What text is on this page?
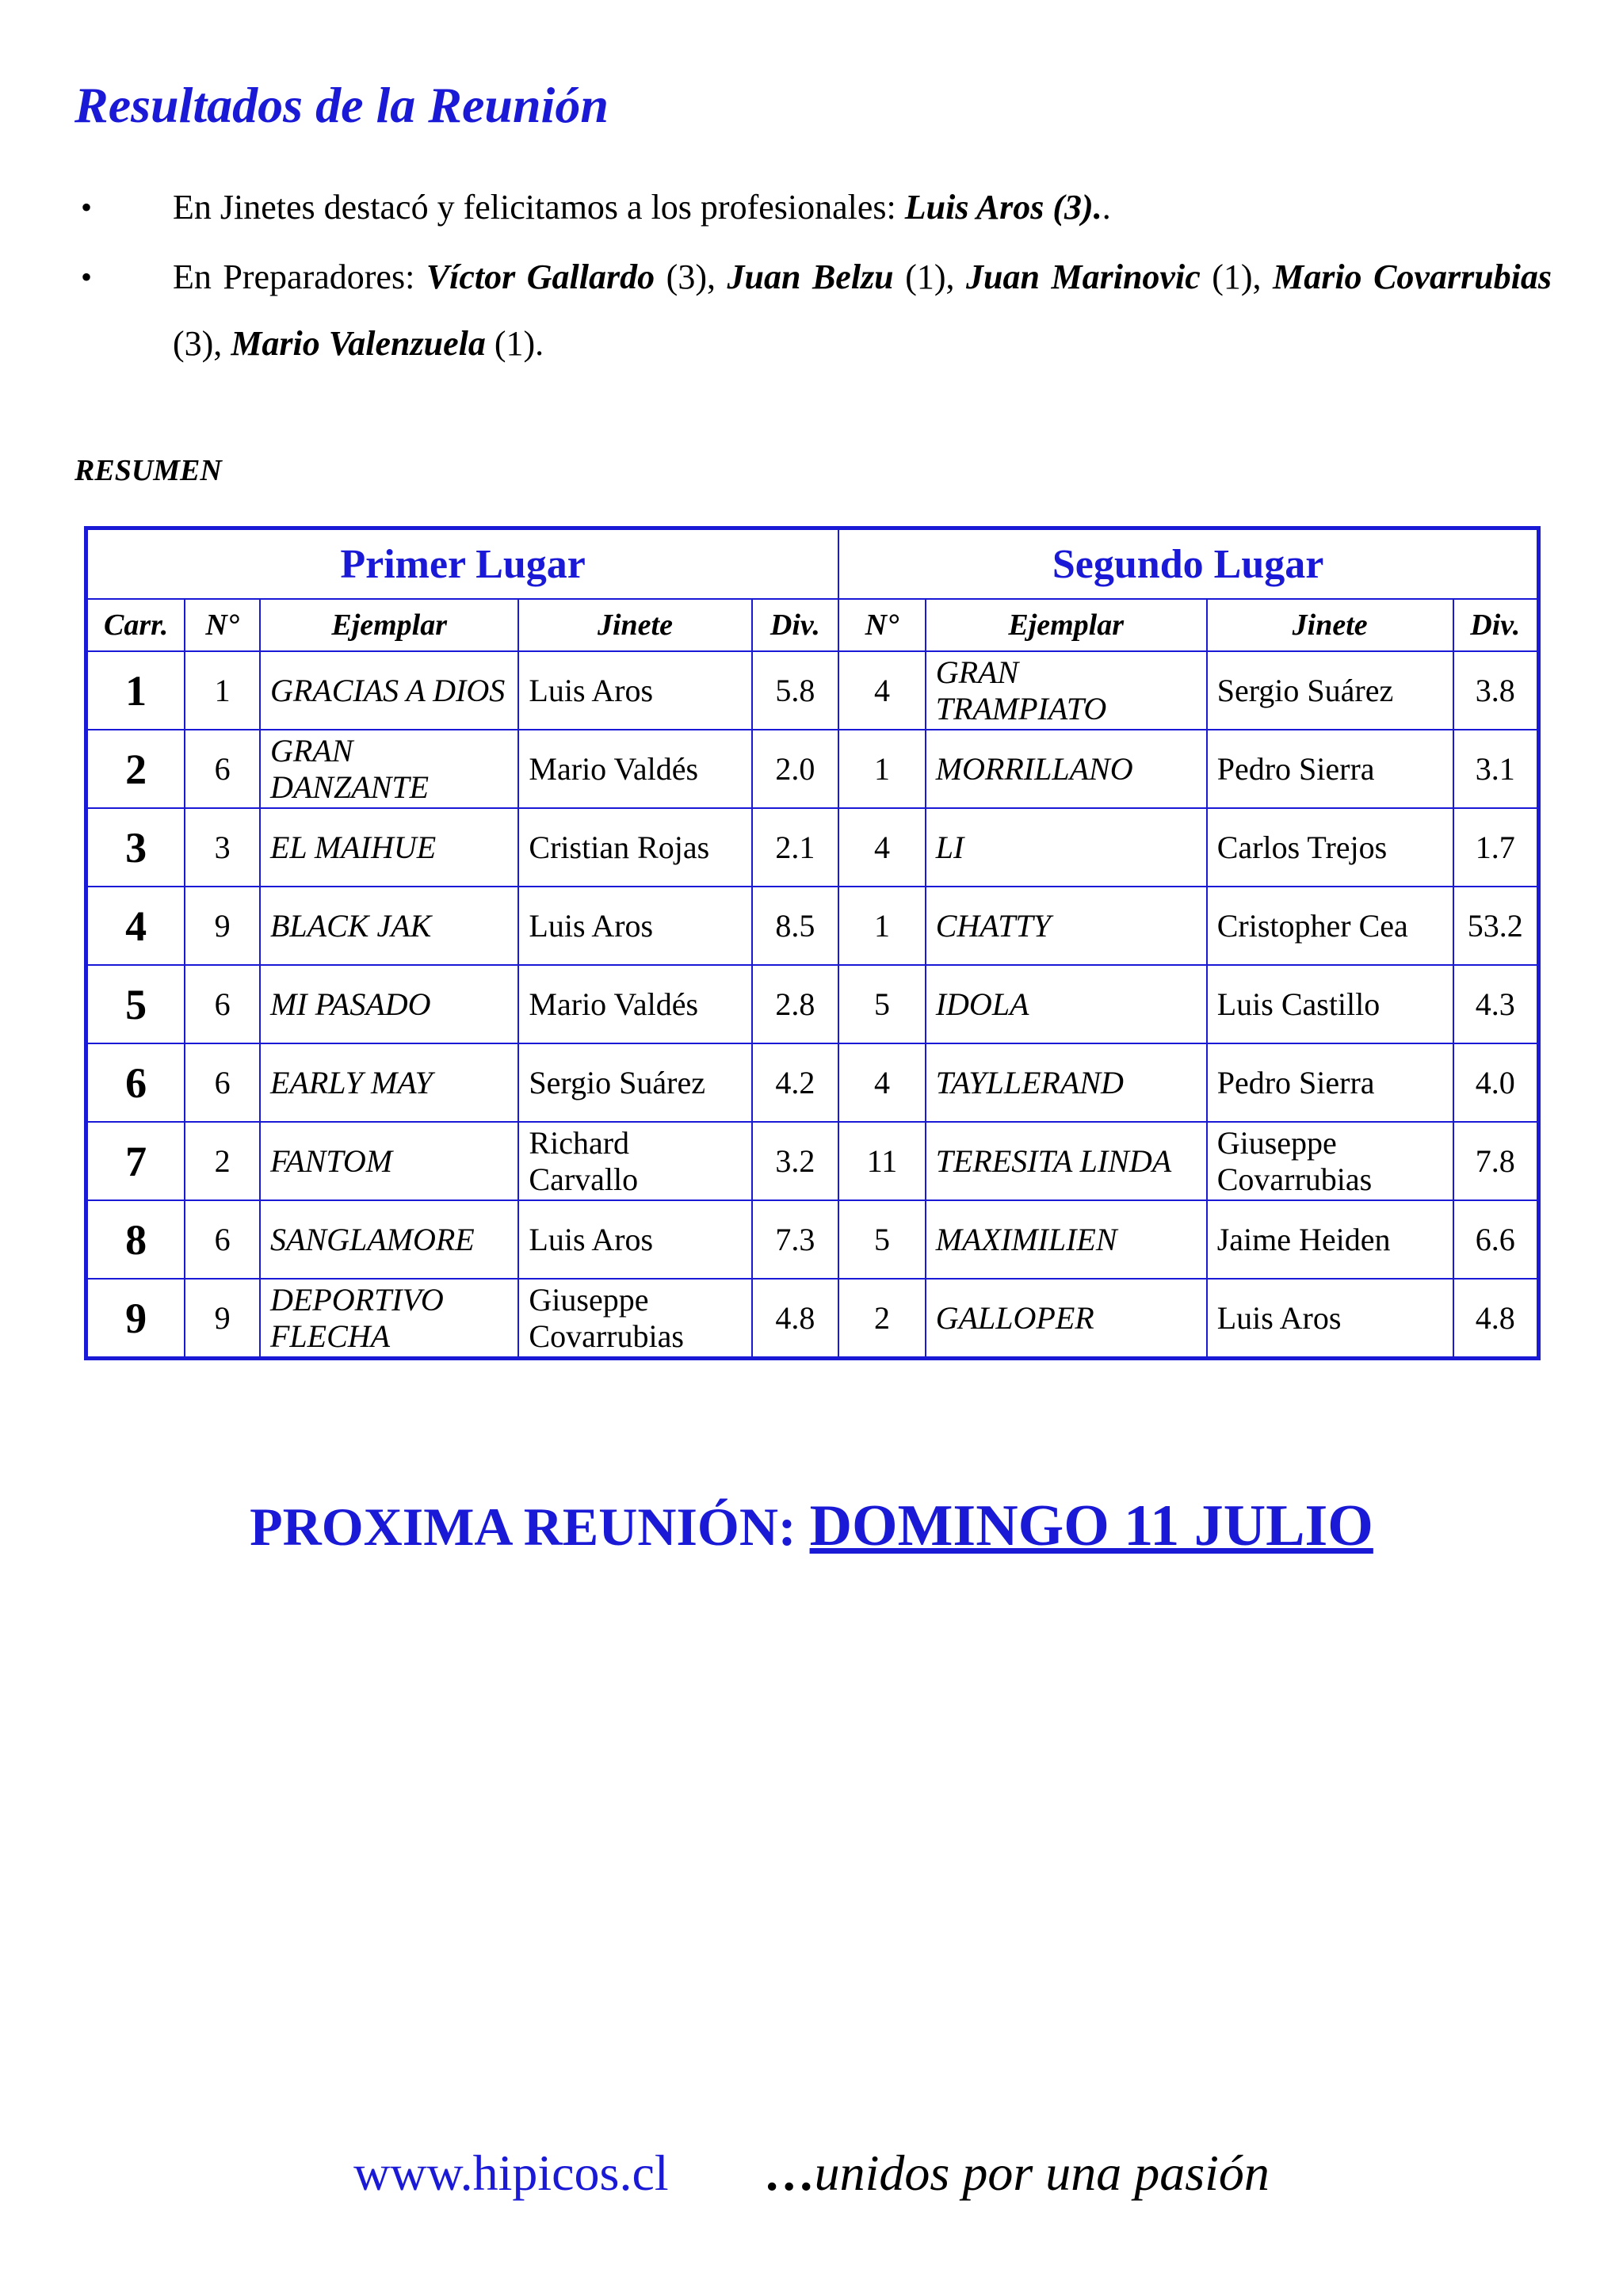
Resultados de la Reunión
• En Jinetes destacó y felicitamos a los profesionales: Luis Aros (3)..
• En Preparadores: Víctor Gallardo (3), Juan Belzu (1), Juan Marinovic (1), Mario Covarrubias (3), Mario Valenzuela (1).
RESUMEN
Primer Lugar					Segundo Lugar			
Carr.	N°	Ejemplar	Jinete	Div.	N°	Ejemplar	Jinete	Div.
1	1	GRACIAS A DIOS	Luis Aros	5.8	4	GRAN TRAMPIATO	Sergio Suárez	3.8
2	6	GRAN DANZANTE	Mario Valdés	2.0	1	MORRILLANO	Pedro Sierra	3.1
3	3	EL MAIHUE	Cristian Rojas	2.1	4	LI	Carlos Trejos	1.7
4	9	BLACK JAK	Luis Aros	8.5	1	CHATTY	Cristopher Cea	53.2
5	6	MI PASADO	Mario Valdés	2.8	5	IDOLA	Luis Castillo	4.3
6	6	EARLY MAY	Sergio Suárez	4.2	4	TAYLLERAND	Pedro Sierra	4.0
7	2	FANTOM	Richard Carvallo	3.2	11	TERESITA LINDA	Giuseppe Covarrubias	7.8
8	6	SANGLAMORE	Luis Aros	7.3	5	MAXIMILIEN	Jaime Heiden	6.6
9	9	DEPORTIVO FLECHA	Giuseppe Covarrubias	4.8	2	GALLOPER	Luis Aros	4.8
PROXIMA REUNIÓN: DOMINGO 11 JULIO
www.hipicos.cl …unidos por una pasión
